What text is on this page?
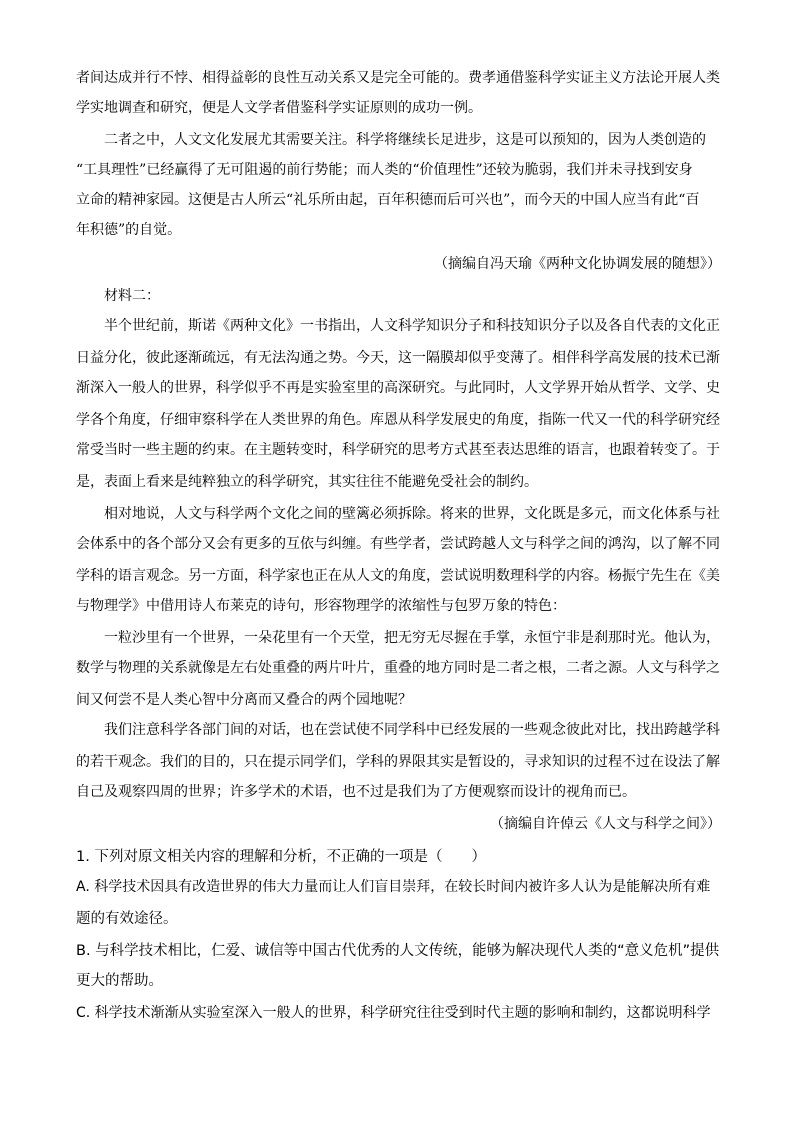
者间达成并行不悖、相得益彰的良性互动关系又是完全可能的。费孝通借鉴科学实证主义方法论开展人类
学实地调查和研究，便是人文学者借鉴科学实证原则的成功一例。
二者之中，人文文化发展尤其需要关注。科学将继续长足进步，这是可以预知的，因为人类创造的
“工具理性”已经赢得了无可阻遏的前行势能；而人类的“价值理性”还较为脆弱，我们并未寻找到安身
立命的精神家园。这便是古人所云“礼乐所由起，百年积德而后可兴也”，而今天的中国人应当有此“百
年积德”的自觉。
（摘编自冯天瑜《两种文化协调发展的随想》）
材料二：
半个世纪前，斯诺《两种文化》一书指出，人文科学知识分子和科技知识分子以及各自代表的文化正
日益分化，彼此逐渐疏远，有无法沟通之势。今天，这一隔膜却似乎变薄了。相伴科学高发展的技术已渐
渐深入一般人的世界，科学似乎不再是实验室里的高深研究。与此同时，人文学界开始从哲学、文学、史
学各个角度，仔细审察科学在人类世界的角色。库恩从科学发展史的角度，指陈一代又一代的科学研究经
常受当时一些主题的约束。在主题转变时，科学研究的思考方式甚至表达思维的语言，也跟着转变了。于
是，表面上看来是纯粹独立的科学研究，其实往往不能避免受社会的制约。
相对地说，人文与科学两个文化之间的壁篱必须拆除。将来的世界，文化既是多元，而文化体系与社
会体系中的各个部分又会有更多的互依与纠缠。有些学者，尝试跨越人文与科学之间的鸿沟，以了解不同
学科的语言观念。另一方面，科学家也正在从人文的角度，尝试说明数理科学的内容。杨振宁先生在《美
与物理学》中借用诗人布莱克的诗句，形容物理学的浓缩性与包罗万象的特色：
一粒沙里有一个世界，一朵花里有一个天堂，把无穷无尽握在手掌，永恒宁非是刹那时光。他认为，
数学与物理的关系就像是左右处重叠的两片叶片，重叠的地方同时是二者之根，二者之源。人文与科学之
间又何尝不是人类心智中分离而又叠合的两个园地呢？
我们注意科学各部门间的对话，也在尝试使不同学科中已经发展的一些观念彼此对比，找出跨越学科
的若干观念。我们的目的，只在提示同学们，学科的界限其实是暂设的，寻求知识的过程不过在设法了解
自己及观察四周的世界；许多学术的术语，也不过是我们为了方便观察而设计的视角而已。
（摘编自许倬云《人文与科学之间》）
1. 下列对原文相关内容的理解和分析，不正确的一项是（　　）
A. 科学技术因具有改造世界的伟大力量而让人们盲目崇拜，在较长时间内被许多人认为是能解决所有难
题的有效途径。
B. 与科学技术相比，仁爱、诚信等中国古代优秀的人文传统，能够为解决现代人类的“意义危机”提供
更大的帮助。
C. 科学技术渐渐从实验室深入一般人的世界，科学研究往往受到时代主题的影响和制约，这都说明科学
